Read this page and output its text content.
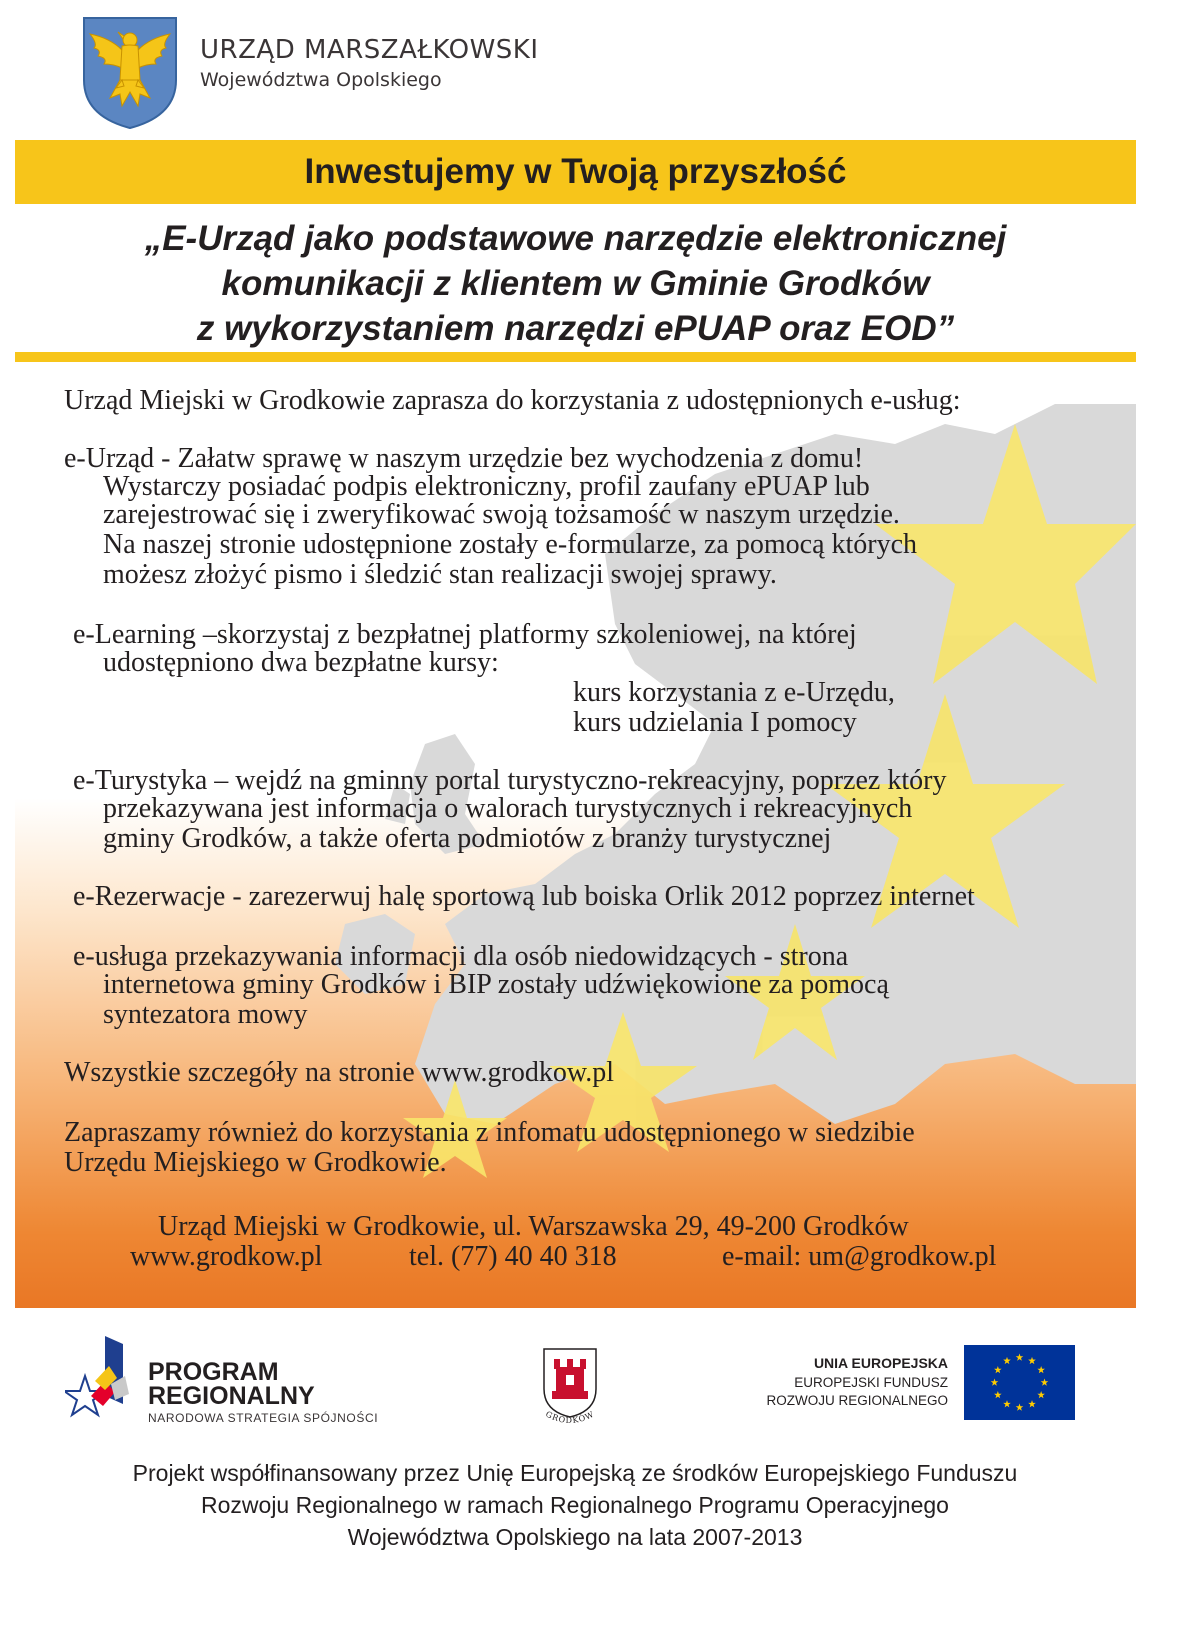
URZĄD MARSZAŁKOWSKI
Województwa Opolskiego
Inwestujemy w Twoją przyszłość
„E-Urząd jako podstawowe narzędzie elektronicznej
komunikacji z klientem w Gminie Grodków
z wykorzystaniem narzędzi ePUAP oraz EOD”
Urząd Miejski w Grodkowie zaprasza do korzystania z udostępnionych e-usług:
e-Urząd - Załatw sprawę w naszym urzędzie bez wychodzenia z domu!
Wystarczy posiadać podpis elektroniczny, profil zaufany ePUAP lub
zarejestrować się i zweryfikować swoją tożsamość w naszym urzędzie.
Na naszej stronie udostępnione zostały e-formularze, za pomocą których
możesz złożyć pismo i śledzić stan realizacji swojej sprawy.
e-Learning –skorzystaj z bezpłatnej platformy szkoleniowej, na której
udostępniono dwa bezpłatne kursy:
kurs korzystania z e-Urzędu,
kurs udzielania I pomocy
e-Turystyka – wejdź na gminny portal turystyczno-rekreacyjny, poprzez który
przekazywana jest informacja o walorach turystycznych i rekreacyjnych
gminy Grodków, a także oferta podmiotów z branży turystycznej
e-Rezerwacje - zarezerwuj halę sportową lub boiska Orlik 2012 poprzez internet
e-usługa przekazywania informacji dla osób niedowidzących - strona
internetowa gminy Grodków i BIP zostały udźwiękowione za pomocą
syntezatora mowy
Wszystkie szczegóły na stronie www.grodkow.pl
Zapraszamy również do korzystania z infomatu udostępnionego w siedzibie
Urzędu Miejskiego w Grodkowie.
Urząd Miejski w Grodkowie, ul. Warszawska 29, 49-200 Grodków
www.grodkow.pl	tel. (77) 40 40 318	e-mail: um@grodkow.pl
PROGRAM
REGIONALNY
NARODOWA STRATEGIA SPÓJNOŚCI	GRODKÓW
UNIA EUROPEJSKA
EUROPEJSKI FUNDUSZ
ROZWOJU REGIONALNEGO
Projekt współfinansowany przez Unię Europejską ze środków Europejskiego Funduszu
Rozwoju Regionalnego w ramach Regionalnego Programu Operacyjnego
Województwa Opolskiego na lata 2007-2013
